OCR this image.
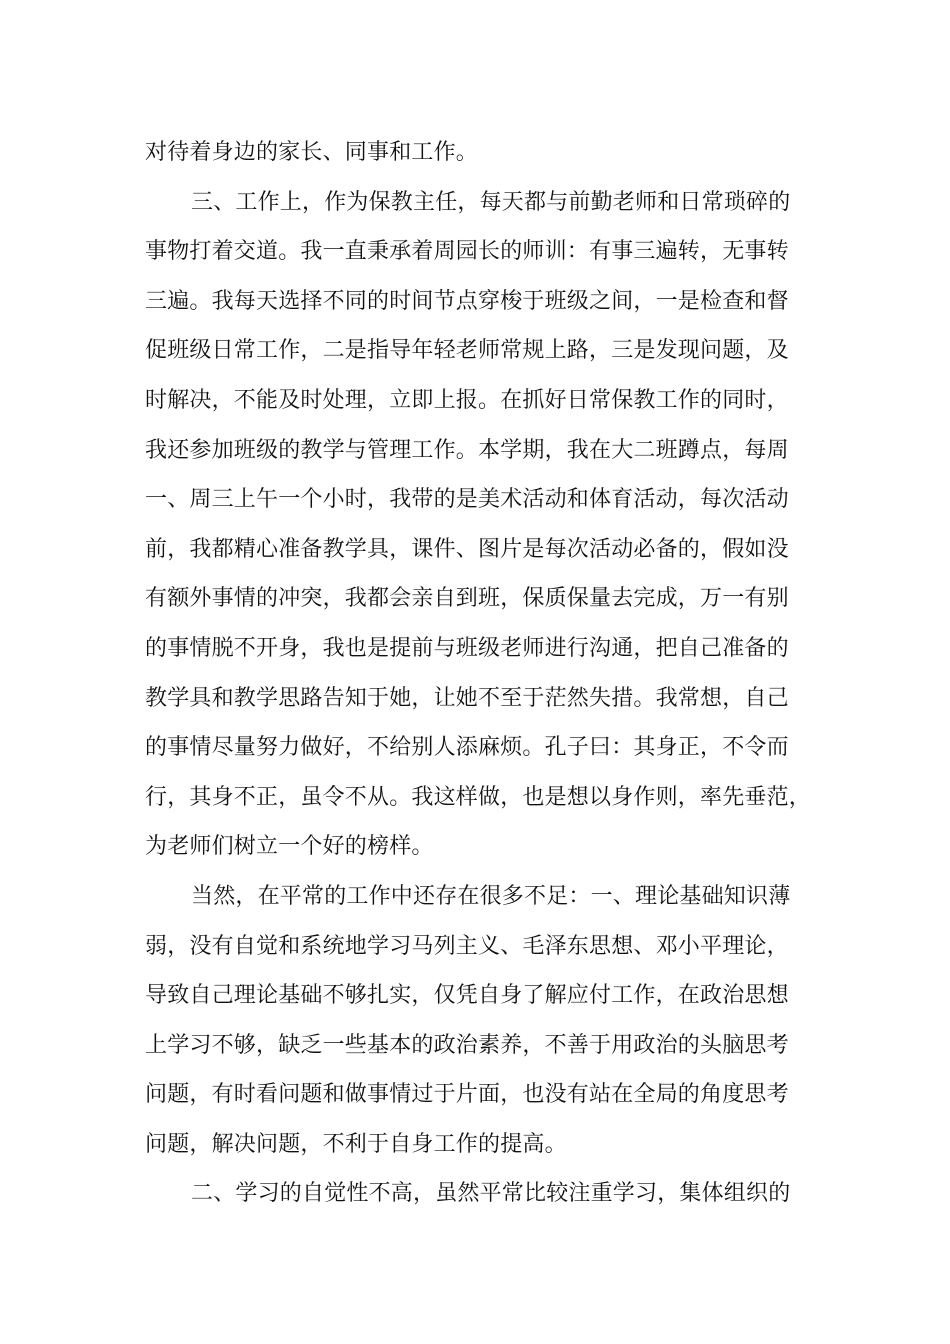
对待着身边的家长、同事和工作。
三、工作上，作为保教主任，每天都与前勤老师和日常琐碎的
事物打着交道。我一直秉承着周园长的师训：有事三遍转，无事转
三遍。我每天选择不同的时间节点穿梭于班级之间，一是检查和督
促班级日常工作，二是指导年轻老师常规上路，三是发现问题，及
时解决，不能及时处理，立即上报。在抓好日常保教工作的同时，
我还参加班级的教学与管理工作。本学期，我在大二班蹲点，每周
一、周三上午一个小时，我带的是美术活动和体育活动，每次活动
前，我都精心准备教学具，课件、图片是每次活动必备的，假如没
有额外事情的冲突，我都会亲自到班，保质保量去完成，万一有别
的事情脱不开身，我也是提前与班级老师进行沟通，把自己准备的
教学具和教学思路告知于她，让她不至于茫然失措。我常想，自己
的事情尽量努力做好，不给别人添麻烦。孔子曰：其身正，不令而
行，其身不正，虽令不从。我这样做，也是想以身作则，率先垂范，
为老师们树立一个好的榜样。
当然，在平常的工作中还存在很多不足：一、理论基础知识薄
弱，没有自觉和系统地学习马列主义、毛泽东思想、邓小平理论，
导致自己理论基础不够扎实，仅凭自身了解应付工作，在政治思想
上学习不够，缺乏一些基本的政治素养，不善于用政治的头脑思考
问题，有时看问题和做事情过于片面，也没有站在全局的角度思考
问题，解决问题，不利于自身工作的提高。
二、学习的自觉性不高，虽然平常比较注重学习，集体组织的
